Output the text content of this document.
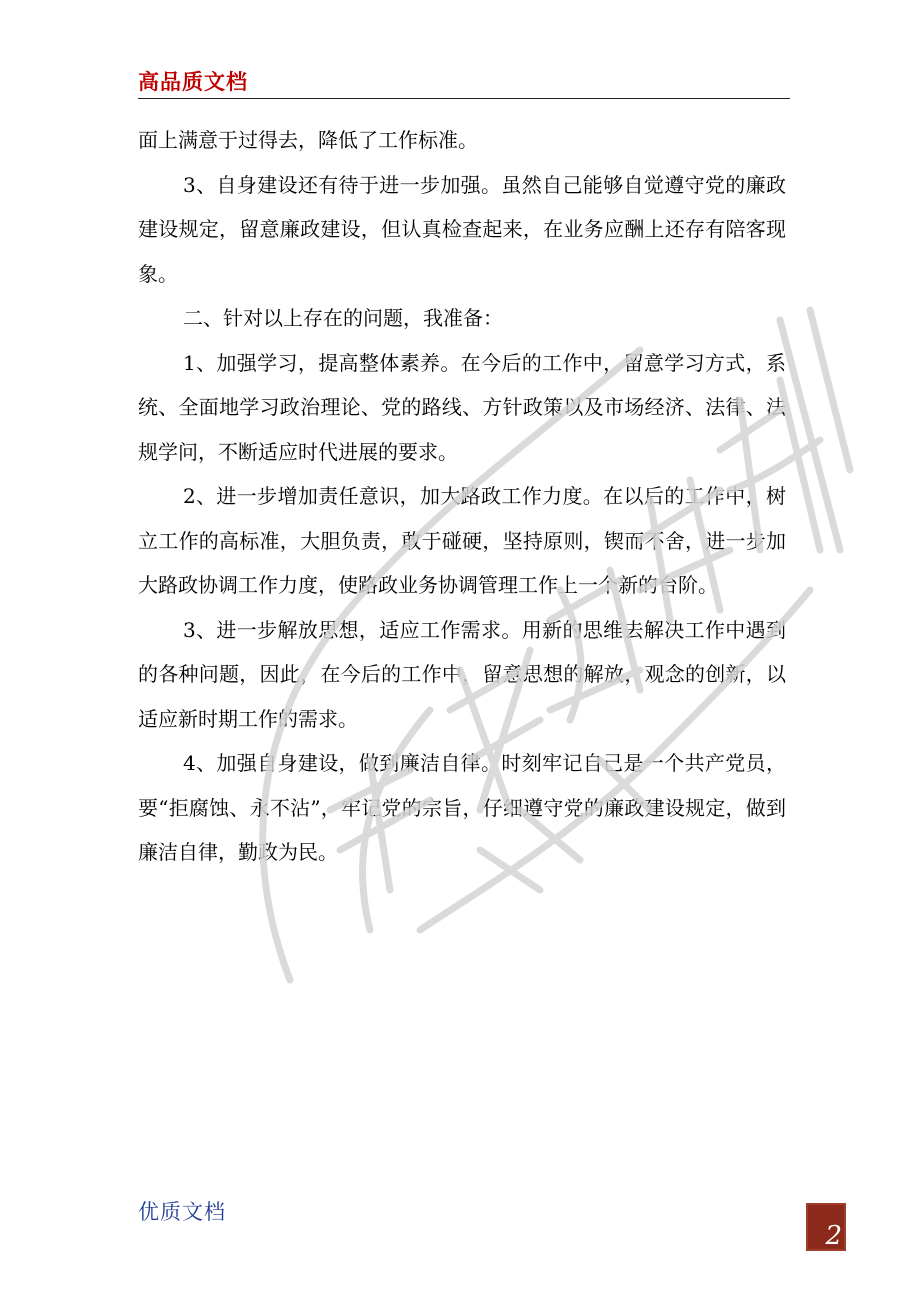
高品质文档

面上满意于过得去，降低了工作标准。

3、自身建设还有待于进一步加强。虽然自己能够自觉遵守党的廉政建设规定，留意廉政建设，但认真检查起来，在业务应酬上还存有陪客现象。

二、针对以上存在的问题，我准备：

1、加强学习，提高整体素养。在今后的工作中，留意学习方式，系统、全面地学习政治理论、党的路线、方针政策以及市场经济、法律、法规学问，不断适应时代进展的要求。

2、进一步增加责任意识，加大路政工作力度。在以后的工作中，树立工作的高标准，大胆负责，敢于碰硬，坚持原则，锲而不舍，进一步加大路政协调工作力度，使路政业务协调管理工作上一个新的台阶。

3、进一步解放思想，适应工作需求。用新的思维去解决工作中遇到的各种问题，因此，在今后的工作中，留意思想的解放，观念的创新，以适应新时期工作的需求。

4、加强自身建设，做到廉洁自律。时刻牢记自己是一个共产党员，要“拒腐蚀、永不沾”，牢记党的宗旨，仔细遵守党的廉政建设规定，做到廉洁自律，勤政为民。

优质文档
2
